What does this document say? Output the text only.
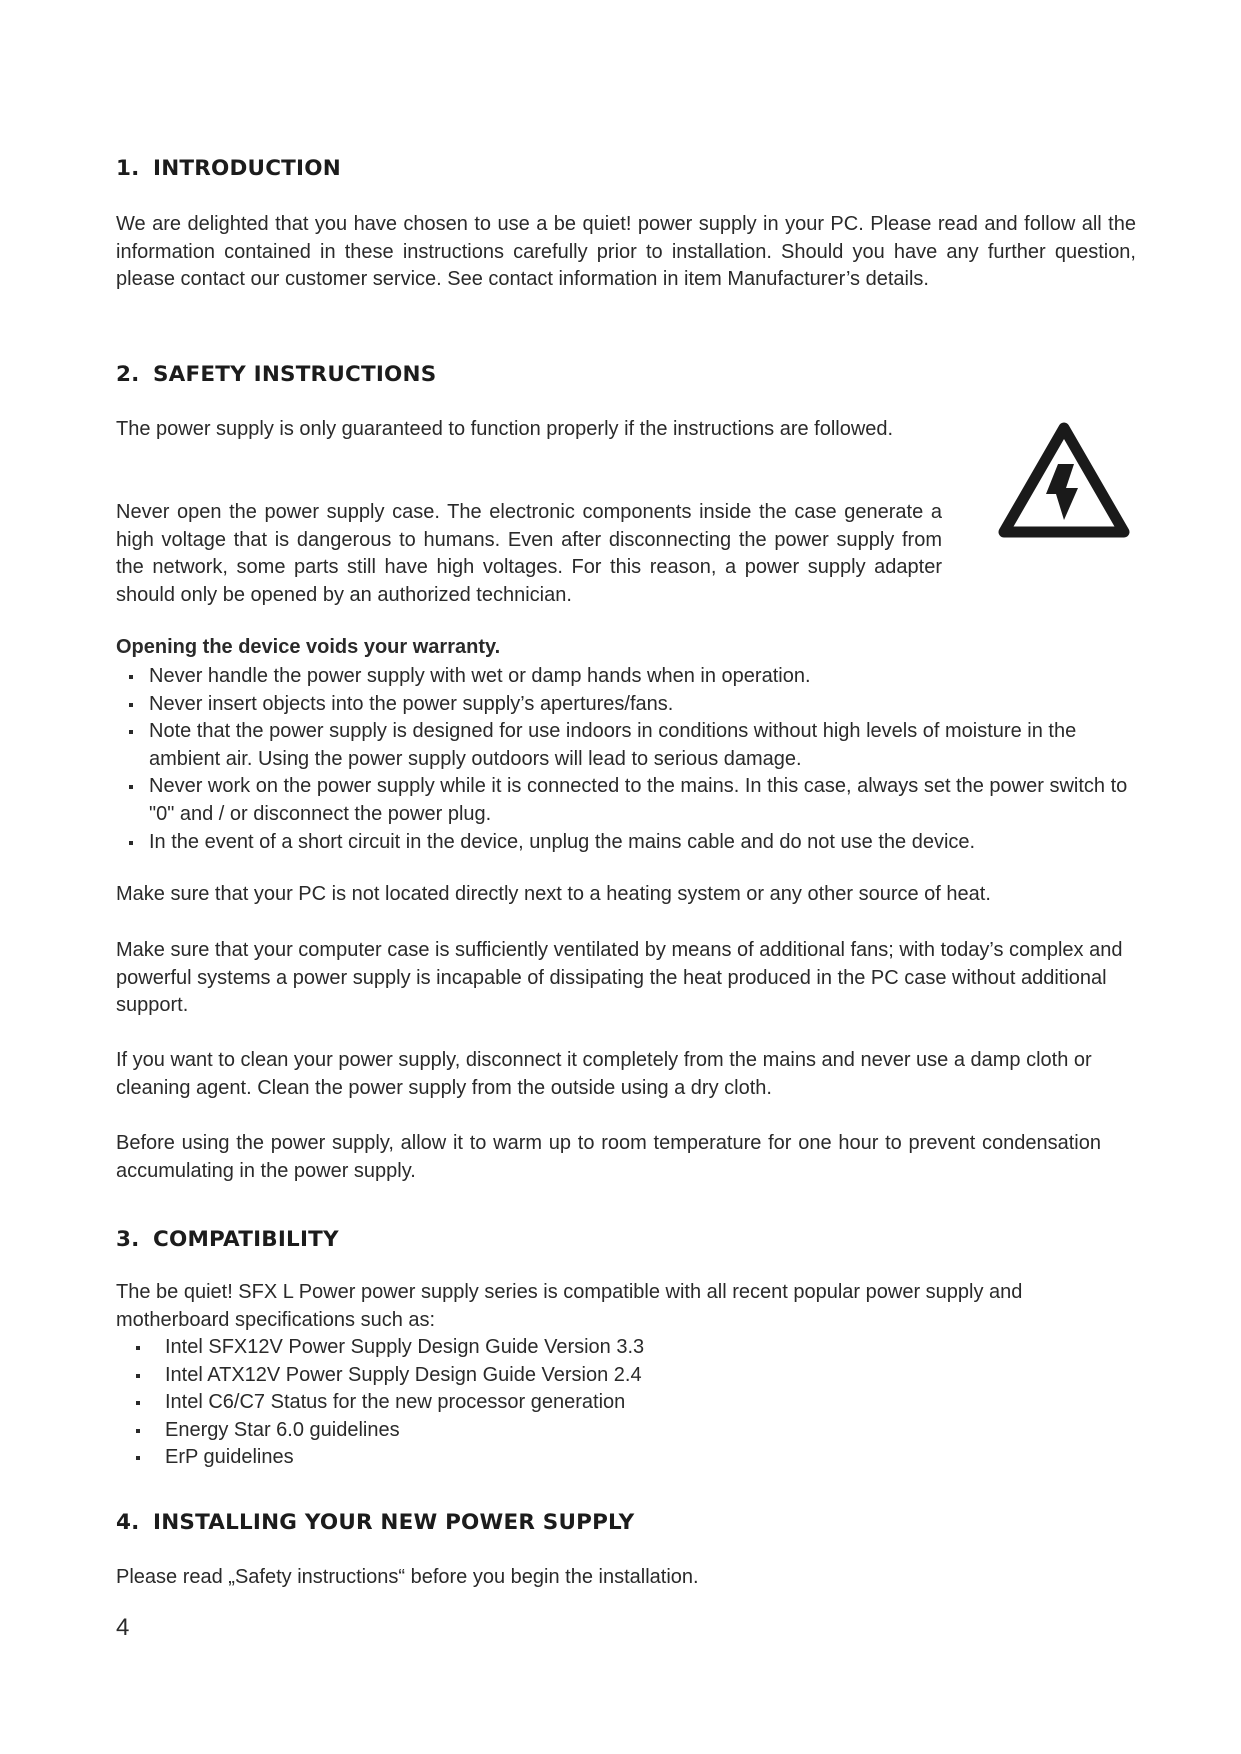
1. INTRODUCTION

We are delighted that you have chosen to use a be quiet! power supply in your PC. Please read and follow all the information contained in these instructions carefully prior to installation. Should you have any further question, please contact our customer service. See contact information in item Manufacturer’s details.

2. SAFETY INSTRUCTIONS

The power supply is only guaranteed to function properly if the instructions are followed.

Never open the power supply case. The electronic components inside the case generate a high voltage that is dangerous to humans. Even after disconnecting the power supply from the network, some parts still have high voltages. For this reason, a power supply adapter should only be opened by an authorized technician.

Opening the device voids your warranty.

Never handle the power supply with wet or damp hands when in operation.
Never insert objects into the power supply’s apertures/fans.
Note that the power supply is designed for use indoors in conditions without high levels of moisture in the ambient air. Using the power supply outdoors will lead to serious damage.
Never work on the power supply while it is connected to the mains. In this case, always set the power switch to "0" and / or disconnect the power plug.
In the event of a short circuit in the device, unplug the mains cable and do not use the device.

Make sure that your PC is not located directly next to a heating system or any other source of heat.

Make sure that your computer case is sufficiently ventilated by means of additional fans; with today’s complex and powerful systems a power supply is incapable of dissipating the heat produced in the PC case without additional support.

If you want to clean your power supply, disconnect it completely from the mains and never use a damp cloth or cleaning agent. Clean the power supply from the outside using a dry cloth.

Before using the power supply, allow it to warm up to room temperature for one hour to prevent condensation accumulating in the power supply.

3. COMPATIBILITY

The be quiet! SFX L Power power supply series is compatible with all recent popular power supply and motherboard specifications such as:

Intel SFX12V Power Supply Design Guide Version 3.3
Intel ATX12V Power Supply Design Guide Version 2.4
Intel C6/C7 Status for the new processor generation
Energy Star 6.0 guidelines
ErP guidelines
4. INSTALLING YOUR NEW POWER SUPPLY

Please read „Safety instructions“ before you begin the installation.

4
